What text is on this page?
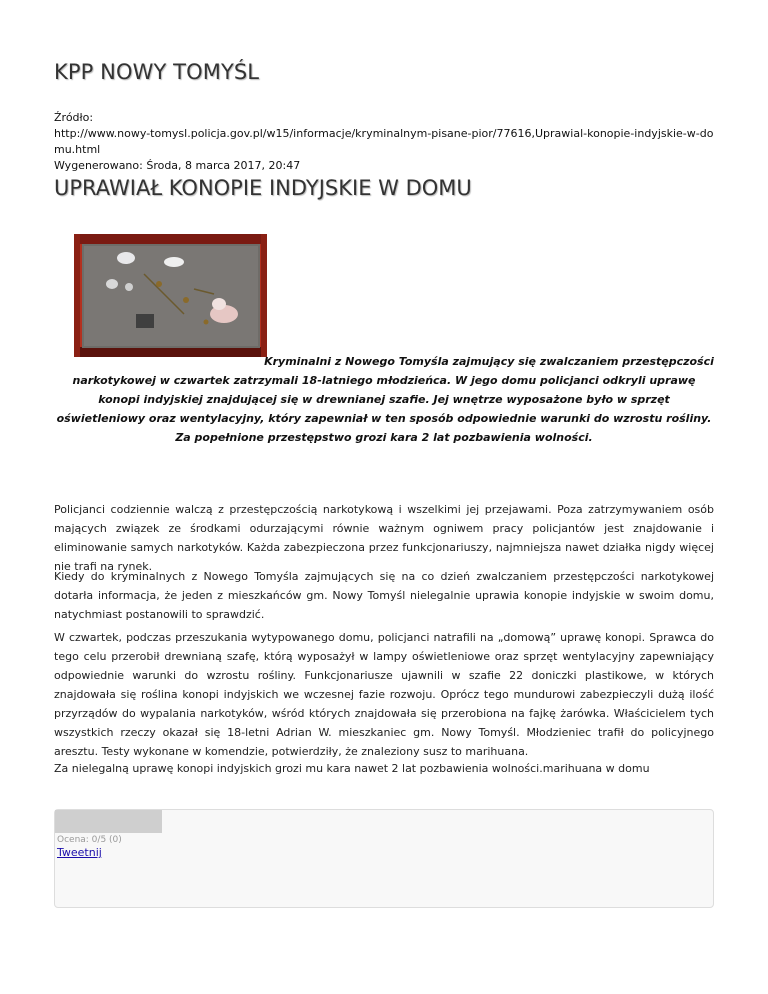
KPP NOWY TOMYŚL
Źródło:
http://www.nowy-tomysl.policja.gov.pl/w15/informacje/kryminalnym-pisane-pior/77616,Uprawial-konopie-indyjskie-w-domu.html
Wygenerowano: Środa, 8 marca 2017, 20:47
UPRAWIAŁ KONOPIE INDYJSKIE W DOMU
Kryminalni z Nowego Tomyśla zajmujący się zwalczaniem przestępczości narkotykowej w czwartek zatrzymali 18-latniego młodzieńca. W jego domu policjanci odkryli uprawę konopi indyjskiej znajdującej się w drewnianej szafie. Jej wnętrze wyposażone było w sprzęt oświetleniowy oraz wentylacyjny, który zapewniał w ten sposób odpowiednie warunki do wzrostu rośliny. Za popełnione przestępstwo grozi kara 2 lat pozbawienia wolności.
Policjanci codziennie walczą z przestępczością narkotykową i wszelkimi jej przejawami. Poza zatrzymywaniem osób mających związek ze środkami odurzającymi równie ważnym ogniwem pracy policjantów jest znajdowanie i eliminowanie samych narkotyków. Każda zabezpieczona przez funkcjonariuszy, najmniejsza nawet działka nigdy więcej nie trafi na rynek.
Kiedy do kryminalnych z Nowego Tomyśla zajmujących się na co dzień zwalczaniem przestępczości narkotykowej dotarła informacja, że jeden z mieszkańców gm. Nowy Tomyśl nielegalnie uprawia konopie indyjskie w swoim domu, natychmiast postanowili to sprawdzić.
W czwartek, podczas przeszukania wytypowanego domu, policjanci natrafili na „domową” uprawę konopi. Sprawca do tego celu przerobił drewnianą szafę, którą wyposażył w lampy oświetleniowe oraz sprzęt wentylacyjny zapewniający odpowiednie warunki do wzrostu rośliny. Funkcjonariusze ujawnili w szafie 22 doniczki plastikowe, w których znajdowała się roślina konopi indyjskich we wczesnej fazie rozwoju. Oprócz tego mundurowi zabezpieczyli dużą ilość przyrządów do wypalania narkotyków, wśród których znajdowała się przerobiona na fajkę żarówka. Właścicielem tych wszystkich rzeczy okazał się 18-letni Adrian W. mieszkaniec gm. Nowy Tomyśl. Młodzieniec trafił do policyjnego aresztu. Testy wykonane w komendzie, potwierdziły, że znaleziony susz to marihuana.
Za nielegalną uprawę konopi indyjskich grozi mu kara nawet 2 lat pozbawienia wolności.marihuana w domu
Ocena: 0/5 (0)
Tweetnij
